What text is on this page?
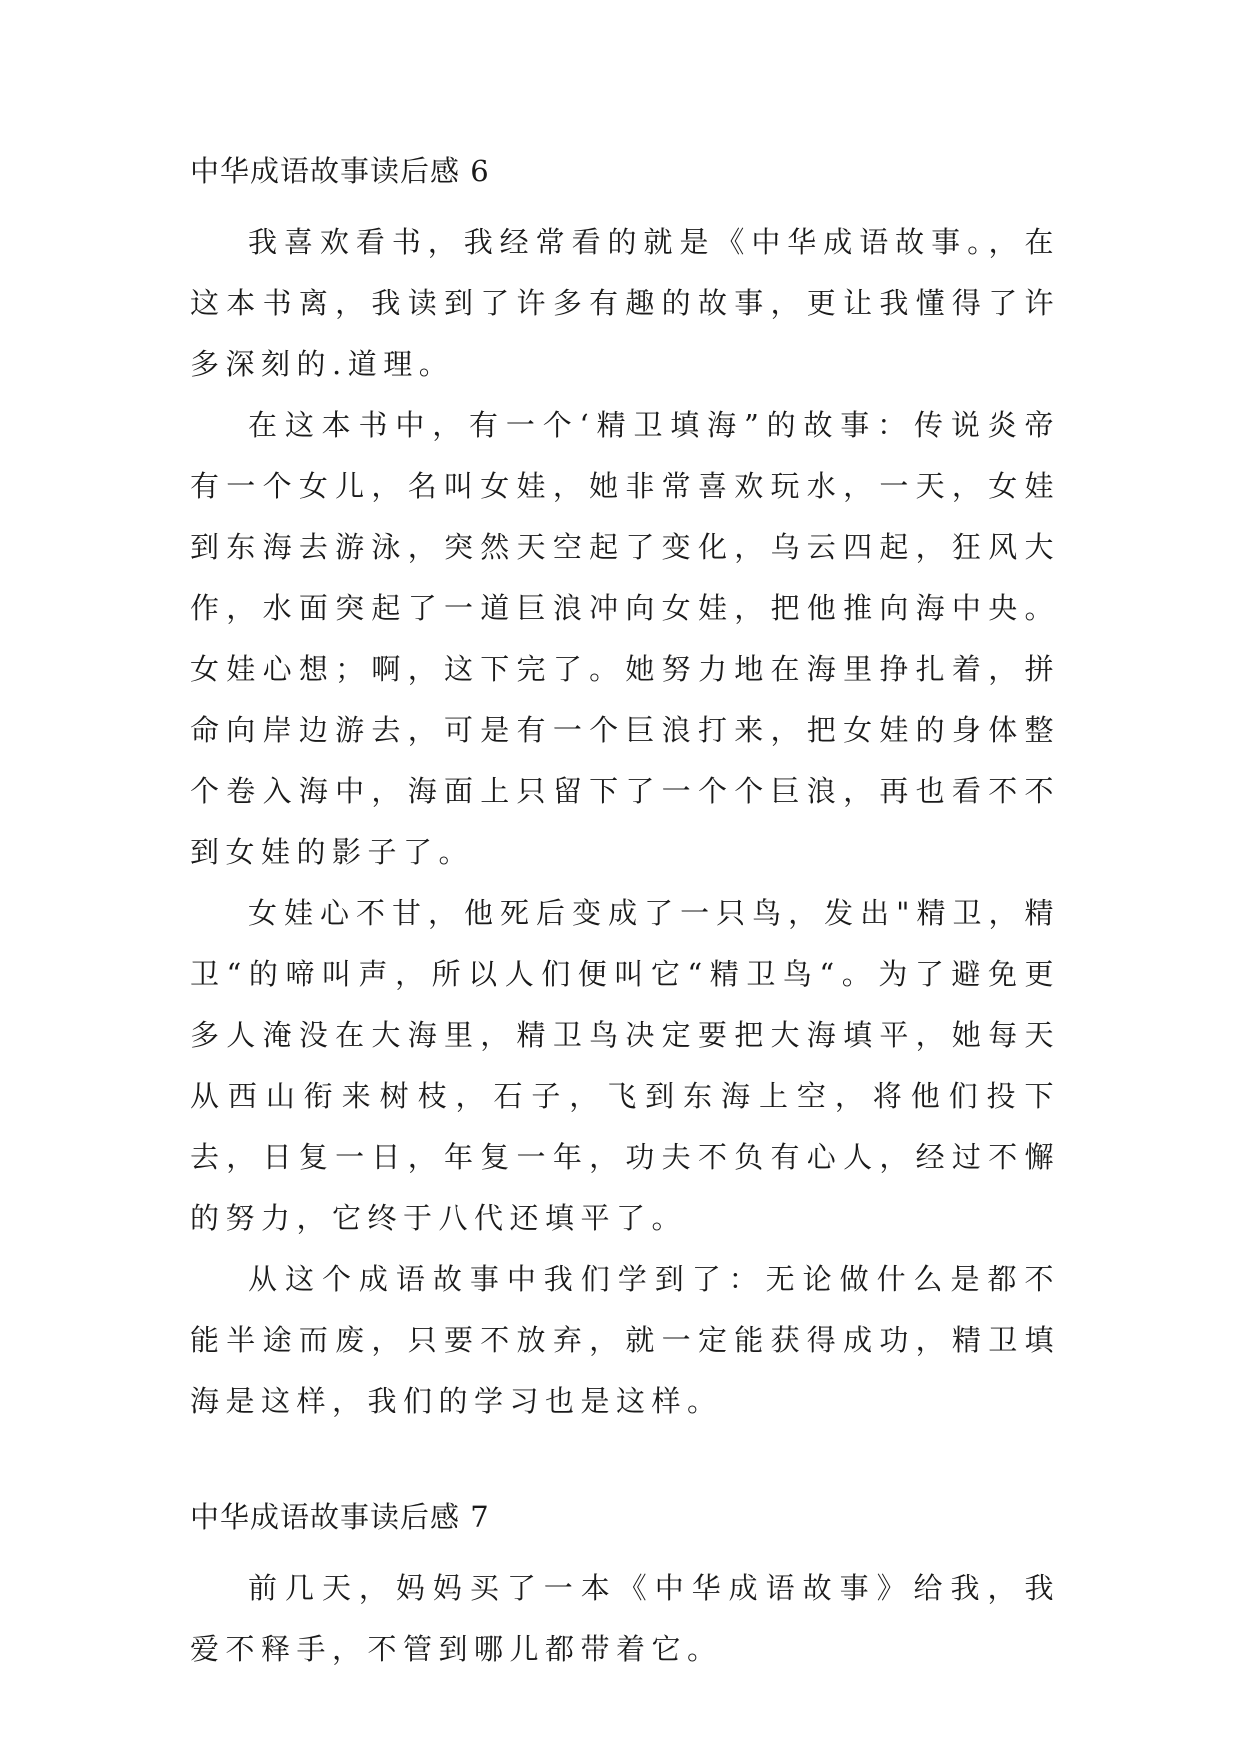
中华成语故事读后感 6

我喜欢看书，我经常看的就是《中华成语故事。，在这本书离，我读到了许多有趣的故事，更让我懂得了许多深刻的.道理。

在这本书中，有一个‘精卫填海”的故事：传说炎帝有一个女儿，名叫女娃，她非常喜欢玩水，一天，女娃到东海去游泳，突然天空起了变化，乌云四起，狂风大作，水面突起了一道巨浪冲向女娃，把他推向海中央。女娃心想；啊，这下完了。她努力地在海里挣扎着，拼命向岸边游去，可是有一个巨浪打来，把女娃的身体整个卷入海中，海面上只留下了一个个巨浪，再也看不不到女娃的影子了。

女娃心不甘，他死后变成了一只鸟，发出"精卫，精卫“的啼叫声，所以人们便叫它“精卫鸟“。为了避免更多人淹没在大海里，精卫鸟决定要把大海填平，她每天从西山衔来树枝，石子，飞到东海上空，将他们投下去，日复一日，年复一年，功夫不负有心人，经过不懈的努力，它终于八代还填平了。

从这个成语故事中我们学到了：无论做什么是都不能半途而废，只要不放弃，就一定能获得成功，精卫填海是这样，我们的学习也是这样。

中华成语故事读后感 7

前几天，妈妈买了一本《中华成语故事》给我，我爱不释手，不管到哪儿都带着它。
